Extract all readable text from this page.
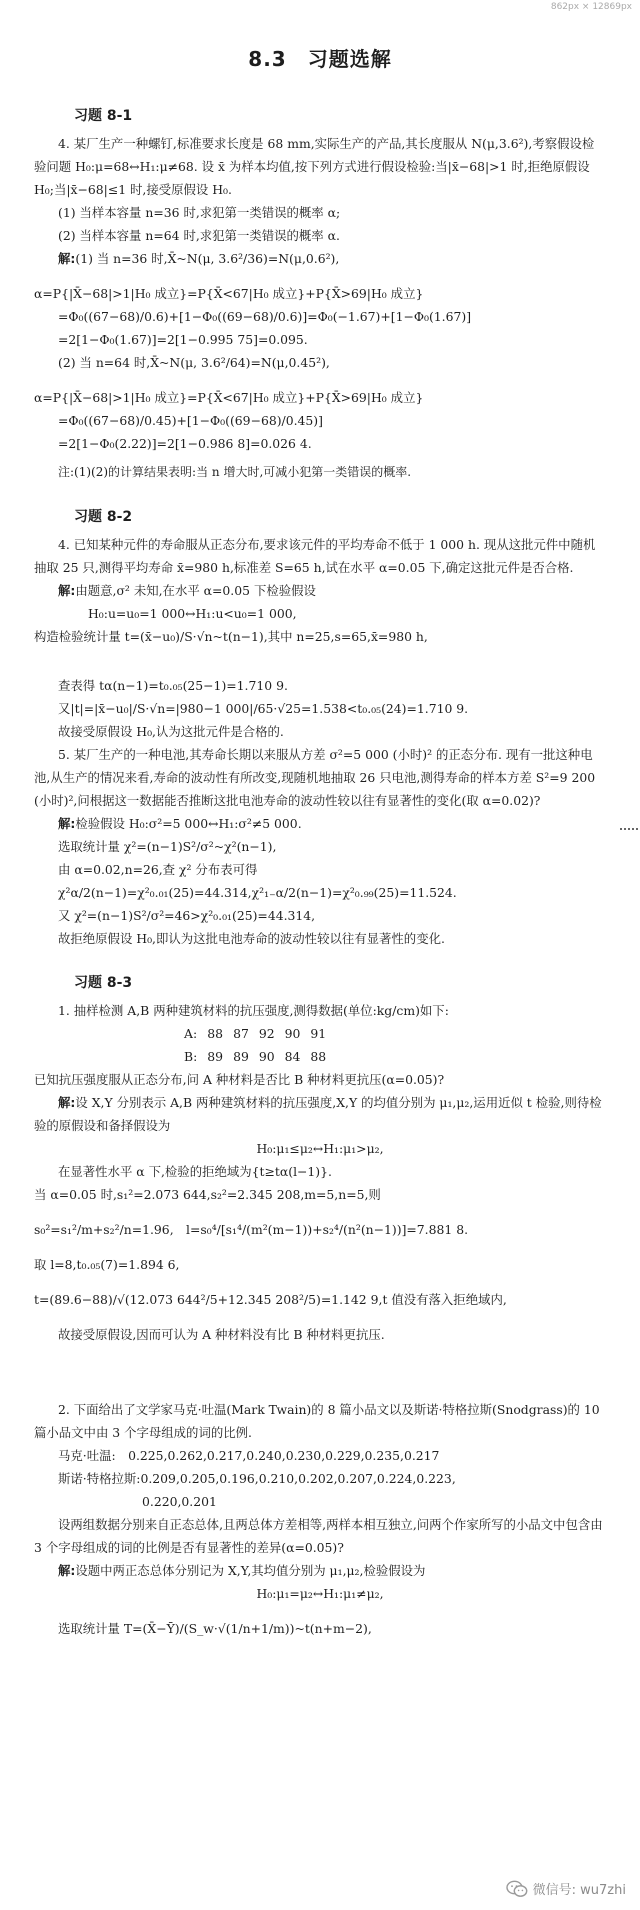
862px × 12869px
8.3　习题选解
习题 8-1

4. 某厂生产一种螺钉,标准要求长度是 68 mm,实际生产的产品,其长度服从 N(μ,3.6²),考察假设检验问题 H₀:μ=68↔H₁:μ≠68. 设 x̄ 为样本均值,按下列方式进行假设检验:当|x̄−68|>1 时,拒绝原假设 H₀;当|x̄−68|≤1 时,接受原假设 H₀.

(1) 当样本容量 n=36 时,求犯第一类错误的概率 α;

(2) 当样本容量 n=64 时,求犯第一类错误的概率 α.

解:(1) 当 n=36 时,X̄~N(μ, 3.6²/36)=N(μ,0.6²),

α=P{|X̄−68|>1|H₀ 成立}=P{X̄<67|H₀ 成立}+P{X̄>69|H₀ 成立}

=Φ₀((67−68)/0.6)+[1−Φ₀((69−68)/0.6)]=Φ₀(−1.67)+[1−Φ₀(1.67)]

=2[1−Φ₀(1.67)]=2[1−0.995 75]=0.095.

(2) 当 n=64 时,X̄~N(μ, 3.6²/64)=N(μ,0.45²),

α=P{|X̄−68|>1|H₀ 成立}=P{X̄<67|H₀ 成立}+P{X̄>69|H₀ 成立}

=Φ₀((67−68)/0.45)+[1−Φ₀((69−68)/0.45)]

=2[1−Φ₀(2.22)]=2[1−0.986 8]=0.026 4.

注:(1)(2)的计算结果表明:当 n 增大时,可减小犯第一类错误的概率.

习题 8-2

4. 已知某种元件的寿命服从正态分布,要求该元件的平均寿命不低于 1 000 h. 现从这批元件中随机抽取 25 只,测得平均寿命 x̄=980 h,标准差 S=65 h,试在水平 α=0.05 下,确定这批元件是否合格.

解:由题意,σ² 未知,在水平 α=0.05 下检验假设

H₀:u=u₀=1 000↔H₁:u<u₀=1 000,

构造检验统计量 t=(x̄−u₀)/S·√n~t(n−1),其中 n=25,s=65,x̄=980 h,

查表得 tα(n−1)=t₀.₀₅(25−1)=1.710 9.

又|t|=|x̄−u₀|/S·√n=|980−1 000|/65·√25=1.538<t₀.₀₅(24)=1.710 9.

故接受原假设 H₀,认为这批元件是合格的.

5. 某厂生产的一种电池,其寿命长期以来服从方差 σ²=5 000 (小时)² 的正态分布. 现有一批这种电池,从生产的情况来看,寿命的波动性有所改变,现随机地抽取 26 只电池,测得寿命的样本方差 S²=9 200 (小时)²,问根据这一数据能否推断这批电池寿命的波动性较以往有显著性的变化(取 α=0.02)?

解:检验假设 H₀:σ²=5 000↔H₁:σ²≠5 000.

选取统计量 χ²=(n−1)S²/σ²~χ²(n−1),

由 α=0.02,n=26,查 χ² 分布表可得

χ²α/2(n−1)=χ²₀.₀₁(25)=44.314,χ²₁₋α/2(n−1)=χ²₀.₉₉(25)=11.524.

又 χ²=(n−1)S²/σ²=46>χ²₀.₀₁(25)=44.314,

故拒绝原假设 H₀,即认为这批电池寿命的波动性较以往有显著性的变化.

习题 8-3

1. 抽样检测 A,B 两种建筑材料的抗压强度,测得数据(单位:kg/cm)如下:

A:	88	87	92	90	91
B:	89	89	90	84	88

已知抗压强度服从正态分布,问 A 种材料是否比 B 种材料更抗压(α=0.05)?

解:设 X,Y 分别表示 A,B 两种建筑材料的抗压强度,X,Y 的均值分别为 μ₁,μ₂,运用近似 t 检验,则待检验的原假设和备择假设为

H₀:μ₁≤μ₂↔H₁:μ₁>μ₂,

在显著性水平 α 下,检验的拒绝域为{t≥tα(l−1)}.

当 α=0.05 时,s₁²=2.073 644,s₂²=2.345 208,m=5,n=5,则

s₀²=s₁²/m+s₂²/n=1.96,　l=s₀⁴/[s₁⁴/(m²(m−1))+s₂⁴/(n²(n−1))]=7.881 8.

取 l=8,t₀.₀₅(7)=1.894 6,

t=(89.6−88)/√(12.073 644²/5+12.345 208²/5)=1.142 9,t 值没有落入拒绝域内,

故接受原假设,因而可认为 A 种材料没有比 B 种材料更抗压.

2. 下面给出了文学家马克·吐温(Mark Twain)的 8 篇小品文以及斯诺·特格拉斯(Snodgrass)的 10 篇小品文中由 3 个字母组成的词的比例.

马克·吐温:　 0.225,0.262,0.217,0.240,0.230,0.229,0.235,0.217

斯诺·特格拉斯:0.209,0.205,0.196,0.210,0.202,0.207,0.224,0.223,

0.220,0.201

设两组数据分别来自正态总体,且两总体方差相等,两样本相互独立,问两个作家所写的小品文中包含由 3 个字母组成的词的比例是否有显著性的差异(α=0.05)?

解:设题中两正态总体分别记为 X,Y,其均值分别为 μ₁,μ₂,检验假设为

H₀:μ₁=μ₂↔H₁:μ₁≠μ₂,

选取统计量 T=(X̄−Ȳ)/(S_w·√(1/n+1/m))~t(n+m−2),

微信号: wu7zhi
